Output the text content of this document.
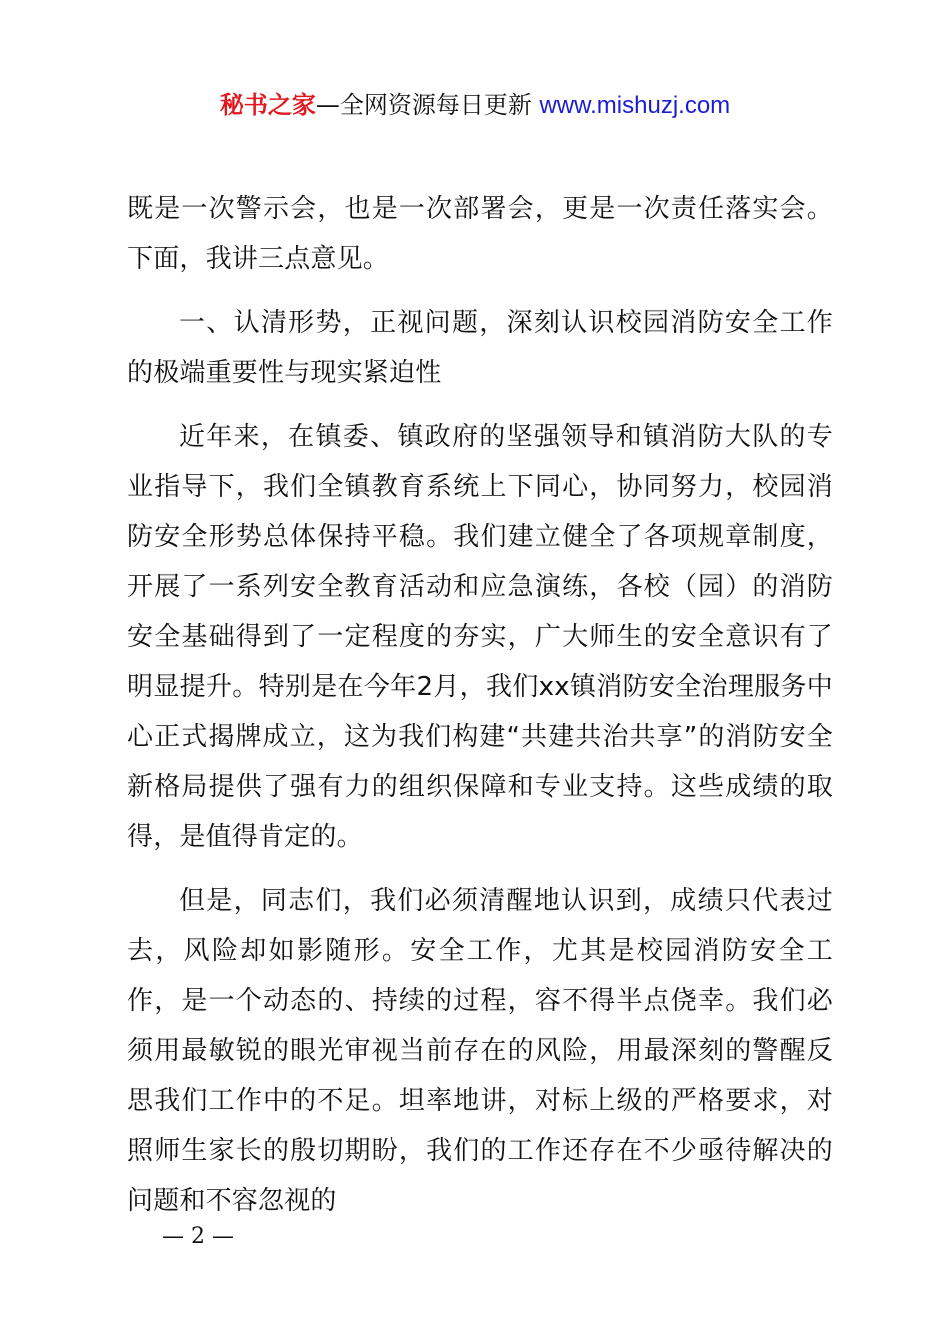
秘书之家—全网资源每日更新 www.mishuzj.com

既是一次警示会，也是一次部署会，更是一次责任落实会。下面，我讲三点意见。

一、认清形势，正视问题，深刻认识校园消防安全工作的极端重要性与现实紧迫性

近年来，在镇委、镇政府的坚强领导和镇消防大队的专业指导下，我们全镇教育系统上下同心，协同努力，校园消防安全形势总体保持平稳。我们建立健全了各项规章制度，开展了一系列安全教育活动和应急演练，各校（园）的消防安全基础得到了一定程度的夯实，广大师生的安全意识有了明显提升。特别是在今年2月，我们xx镇消防安全治理服务中心正式揭牌成立，这为我们构建“共建共治共享”的消防安全新格局提供了强有力的组织保障和专业支持。这些成绩的取得，是值得肯定的。

但是，同志们，我们必须清醒地认识到，成绩只代表过去，风险却如影随形。安全工作，尤其是校园消防安全工作，是一个动态的、持续的过程，容不得半点侥幸。我们必须用最敏锐的眼光审视当前存在的风险，用最深刻的警醒反思我们工作中的不足。坦率地讲，对标上级的严格要求，对照师生家长的殷切期盼，我们的工作还存在不少亟待解决的问题和不容忽视的

— 2 —
